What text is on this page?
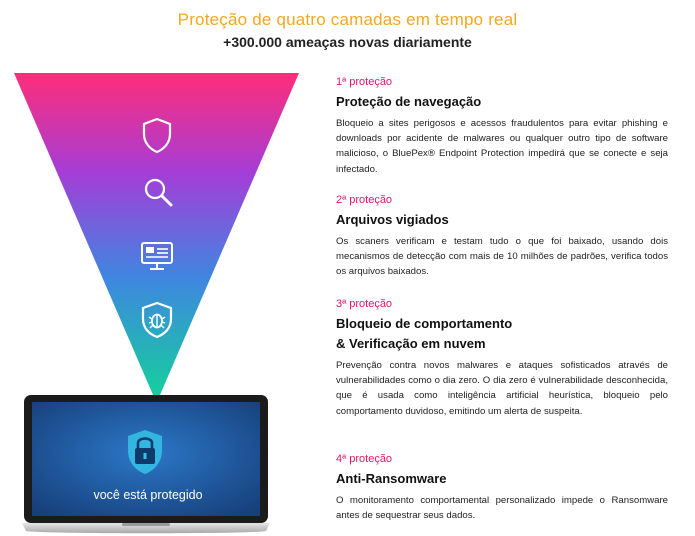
Proteção de quatro camadas em tempo real
+300.000 ameaças novas diariamente
você está protegido

1ª proteção

Proteção de navegação

Bloqueio a sites perigosos e acessos fraudulentos para evitar phishing e downloads por acidente de malwares ou qualquer outro tipo de software malicioso, o BluePex® Endpoint Protection impedirá que se conecte e seja infectado.

2ª proteção

Arquivos vigiados

Os scaners verificam e testam tudo o que foi baixado, usando dois mecanismos de detecção com mais de 10 milhões de padrões, verifica todos os arquivos baixados.

3ª proteção

Bloqueio de comportamento

& Verificação em nuvem

Prevenção contra novos malwares e ataques sofisticados através de vulnerabilidades como o dia zero. O dia zero é vulnerabilidade desconhecida, que é usada como inteligência artificial heurística, bloqueio pelo comportamento duvidoso, emitindo um alerta de suspeita.

4ª proteção

Anti-Ransomware

O monitoramento comportamental personalizado impede o Ransomware antes de sequestrar seus dados.
